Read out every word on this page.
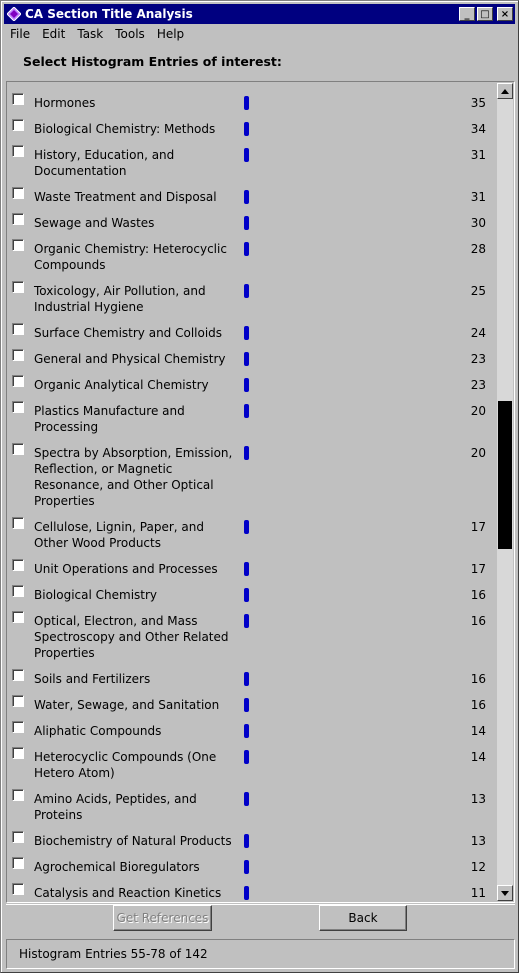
CA Section Title Analysis	_	□	×
File	Edit	Task	Tools	Help
Select Histogram Entries of interest:
Hormones	35
Biological Chemistry: Methods	34
History, Education, and Documentation
31
Waste Treatment and Disposal	31
Sewage and Wastes	30
Organic Chemistry: Heterocyclic Compounds
28
Toxicology, Air Pollution, and Industrial Hygiene
25
Surface Chemistry and Colloids	24
General and Physical Chemistry	23
Organic Analytical Chemistry	23
Plastics Manufacture and Processing
20
Spectra by Absorption, Emission, Reflection, or Magnetic Resonance, and Other Optical Properties
20
Cellulose, Lignin, Paper, and Other Wood Products
17
Unit Operations and Processes	17
Biological Chemistry	16
Optical, Electron, and Mass Spectroscopy and Other Related Properties
16
Soils and Fertilizers	16
Water, Sewage, and Sanitation	16
Aliphatic Compounds	14
Heterocyclic Compounds (One Hetero Atom)
14
Amino Acids, Peptides, and Proteins
13
Biochemistry of Natural Products	13
Agrochemical Bioregulators	12
Catalysis and Reaction Kinetics	11
Get References	Back
Histogram Entries 55-78 of 142
